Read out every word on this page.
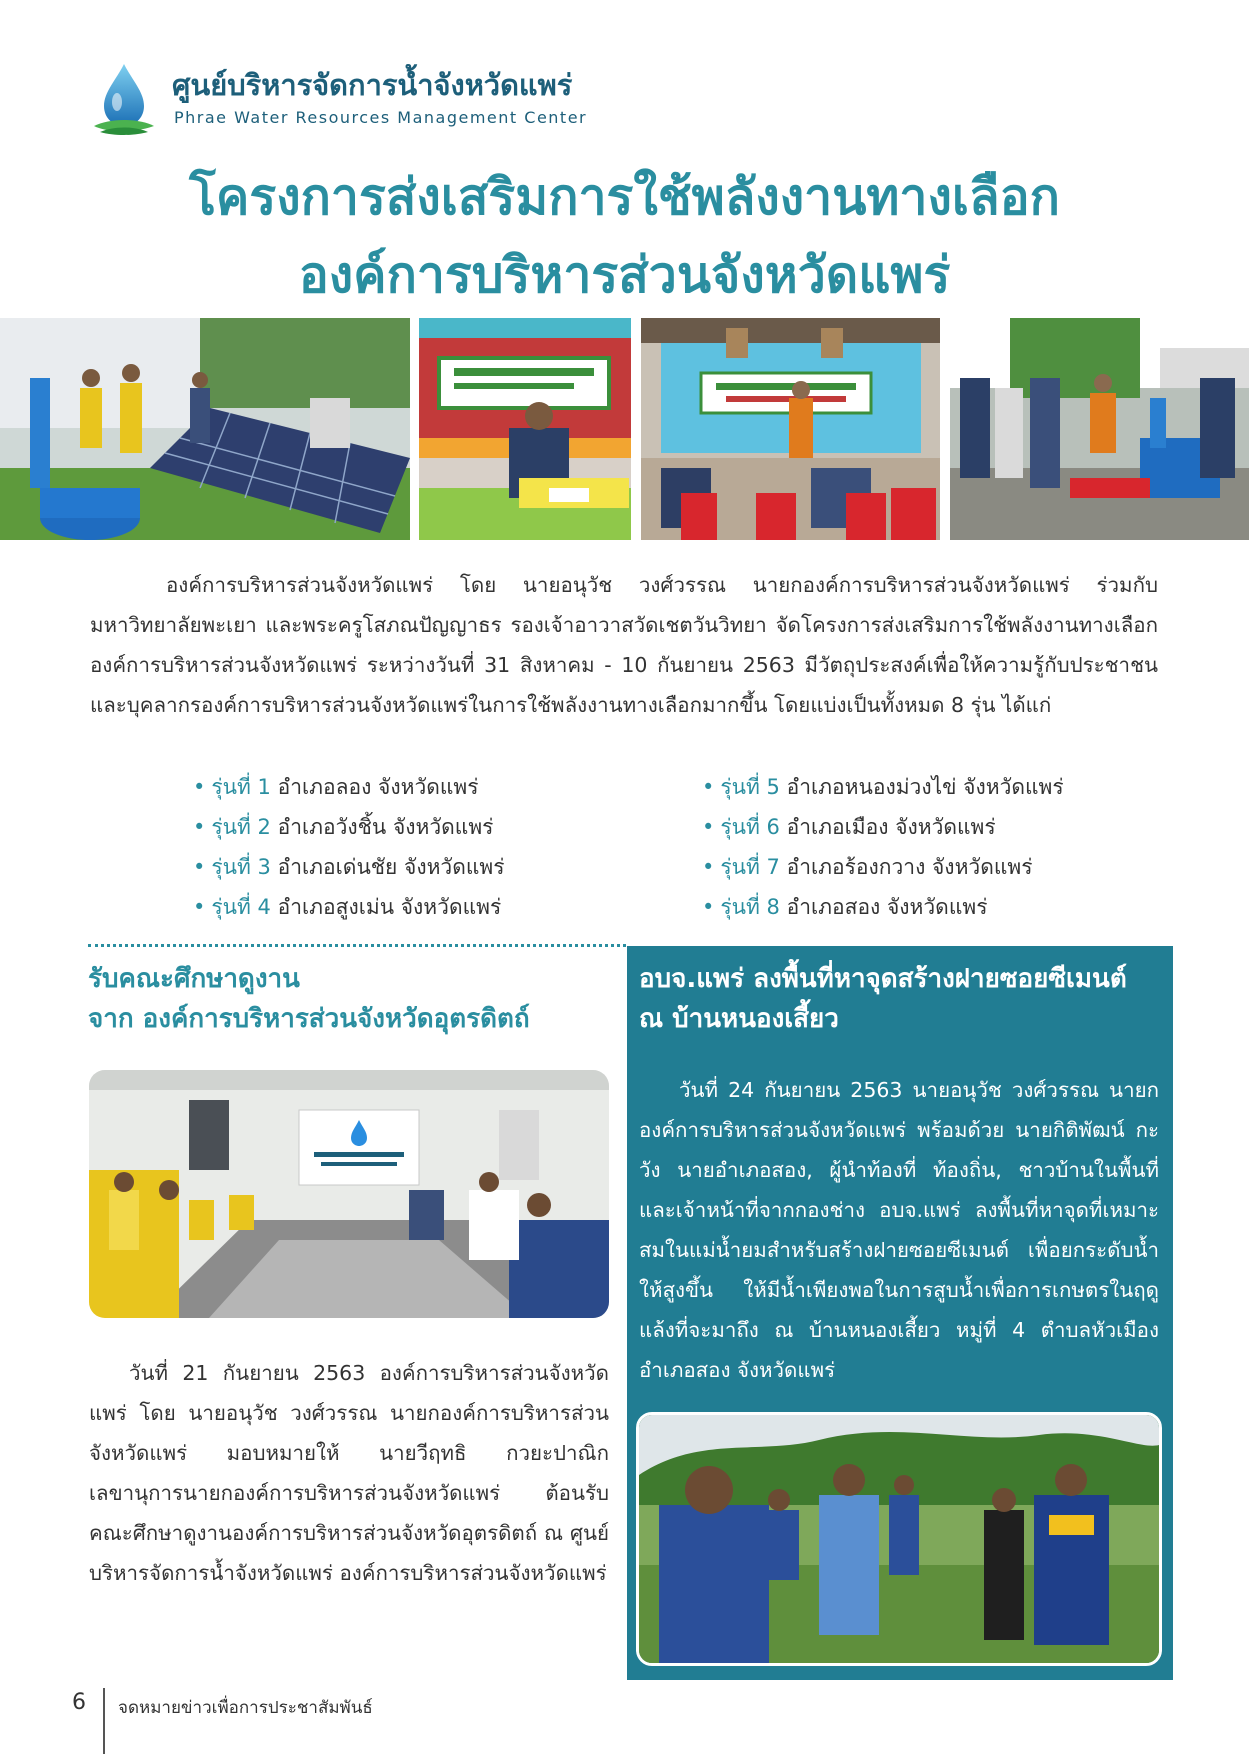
ศูนย์บริหารจัดการน้ำจังหวัดแพร่
Phrae Water Resources Management Center
โครงการส่งเสริมการใช้พลังงานทางเลือก
องค์การบริหารส่วนจังหวัดแพร่

องค์การบริหารส่วนจังหวัดแพร่ โดย นายอนุวัช วงศ์วรรณ นายกองค์การบริหารส่วนจังหวัดแพร่ ร่วมกับ มหาวิทยาลัยพะเยา และพระครูโสภณปัญญาธร รองเจ้าอาวาสวัดเชตวันวิทยา จัดโครงการส่งเสริมการใช้พลังงานทางเลือก องค์การบริหารส่วนจังหวัดแพร่ ระหว่างวันที่ 31 สิงหาคม - 10 กันยายน 2563 มีวัตถุประสงค์เพื่อให้ความรู้กับประชาชนและบุคลากรองค์การบริหารส่วนจังหวัดแพร่ในการใช้พลังงานทางเลือกมากขึ้น โดยแบ่งเป็นทั้งหมด 8 รุ่น ได้แก่

• รุ่นที่ 1 อำเภอลอง จังหวัดแพร่
• รุ่นที่ 2 อำเภอวังชิ้น จังหวัดแพร่
• รุ่นที่ 3 อำเภอเด่นชัย จังหวัดแพร่
• รุ่นที่ 4 อำเภอสูงเม่น จังหวัดแพร่
• รุ่นที่ 5 อำเภอหนองม่วงไข่ จังหวัดแพร่
• รุ่นที่ 6 อำเภอเมือง จังหวัดแพร่
• รุ่นที่ 7 อำเภอร้องกวาง จังหวัดแพร่
• รุ่นที่ 8 อำเภอสอง จังหวัดแพร่
รับคณะศึกษาดูงาน
จาก องค์การบริหารส่วนจังหวัดอุตรดิตถ์

วันที่ 21 กันยายน 2563 องค์การบริหารส่วนจังหวัดแพร่ โดย นายอนุวัช วงศ์วรรณ นายกองค์การบริหารส่วนจังหวัดแพร่ มอบหมายให้ นายวีฤทธิ กวยะปาณิก เลขานุการนายกองค์การบริหารส่วนจังหวัดแพร่ ต้อนรับคณะศึกษาดูงานองค์การบริหารส่วนจังหวัดอุตรดิตถ์ ณ ศูนย์บริหารจัดการน้ำจังหวัดแพร่ องค์การบริหารส่วนจังหวัดแพร่

อบจ.แพร่ ลงพื้นที่หาจุดสร้างฝายซอยซีเมนต์
ณ บ้านหนองเสี้ยว

วันที่ 24 กันยายน 2563 นายอนุวัช วงศ์วรรณ นายกองค์การบริหารส่วนจังหวัดแพร่ พร้อมด้วย นายกิติพัฒน์ กะวัง นายอำเภอสอง, ผู้นำท้องที่ ท้องถิ่น, ชาวบ้านในพื้นที่ และเจ้าหน้าที่จากกองช่าง อบจ.แพร่ ลงพื้นที่หาจุดที่เหมาะสมในแม่น้ำยมสำหรับสร้างฝายซอยซีเมนต์ เพื่อยกระดับน้ำให้สูงขึ้น ให้มีน้ำเพียงพอในการสูบน้ำเพื่อการเกษตรในฤดูแล้งที่จะมาถึง ณ บ้านหนองเสี้ยว หมู่ที่ 4 ตำบลหัวเมือง อำเภอสอง จังหวัดแพร่

6 จดหมายข่าวเพื่อการประชาสัมพันธ์
